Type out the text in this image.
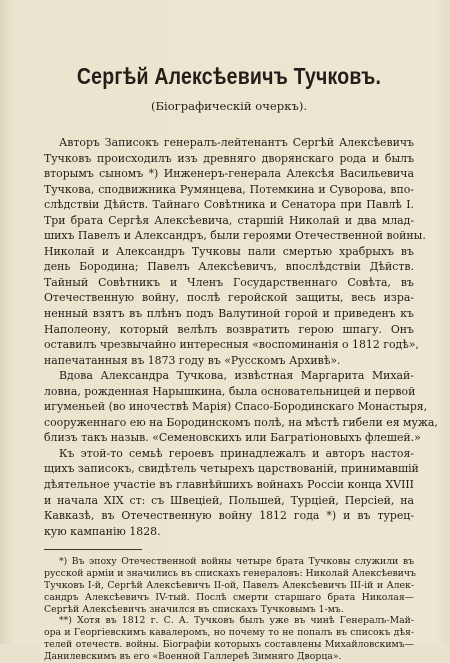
Сергѣй Алексѣевичъ Тучковъ.
(Біографическій очеркъ).
Авторъ Записокъ генералъ-лейтенантъ Сергѣй Алексѣевичъ
Тучковъ происходилъ изъ древняго дворянскаго рода и былъ
вторымъ сыномъ *) Инженеръ-генерала Алексѣя Васильевича
Тучкова, сподвижника Румянцева, Потемкина и Суворова, впо-
слѣдствіи Дѣйств. Тайнаго Совѣтника и Сенатора при Павлѣ I.
Три брата Сергѣя Алексѣевича, старшій Николай и два млад-
шихъ Павелъ и Александръ, были героями Отечественной войны.
Николай и Александръ Тучковы пали смертью храбрыхъ въ
день Бородина; Павелъ Алексѣевичъ, впослѣдствіи Дѣйств.
Тайный Совѣтникъ и Членъ Государственнаго Совѣта, въ
Отечественную войну, послѣ геройской защиты, весь изра-
ненный взятъ въ плѣнъ подъ Валутиной горой и приведенъ къ
Наполеону, который велѣлъ возвратить герою шпагу. Онъ
оставилъ чрезвычайно интересныя «воспоминанія о 1812 годѣ»,
напечатанныя въ 1873 году въ «Русскомъ Архивѣ».
Вдова Александра Тучкова, извѣстная Маргарита Михай-
ловна, рожденная Нарышкина, была основательницей и первой
игуменьей (во иночествѣ Марія) Спасо-Бородинскаго Монастыря,
сооруженнаго ею на Бородинскомъ полѣ, на мѣстѣ гибели ея мужа,
близъ такъ назыв. «Семеновскихъ или Багратіоновыхъ флешей.»
Къ этой-то семьѣ героевъ принадлежалъ и авторъ настоя-
щихъ записокъ, свидѣтель четырехъ царствованій, принимавшій
дѣятельное участіе въ главнѣйшихъ войнахъ Россіи конца XVIII
и начала XIX ст: съ Швеціей, Польшей, Турціей, Персіей, на
Кавказѣ, въ Отечественную войну 1812 года *) и въ турец-
кую кампанію 1828.
*) Въ эпоху Отечественной войны четыре брата Тучковы служили въ
русской арміи и значились въ спискахъ генераловъ: Николай Алексѣевичъ
Тучковъ I-й, Сергѣй Алексѣевичъ II-ой, Павелъ Алексѣевичъ III-ій и Алек-
сандръ Алексѣевичъ IV-тый. Послѣ смерти старшаго брата Николая—
Сергѣй Алексѣевичъ значился въ спискахъ Тучковымъ 1-мъ.
**) Хотя въ 1812 г. С. А. Тучковъ былъ уже въ чинѣ Генералъ-Май-
ора и Георгіевскимъ кавалеромъ, но почему то не попалъ въ списокъ дѣя-
телей отечеств. войны. Біографіи которыхъ составлены Михайловскимъ—
Данилевскимъ въ его «Военной Галлереѣ Зимняго Дворца».
